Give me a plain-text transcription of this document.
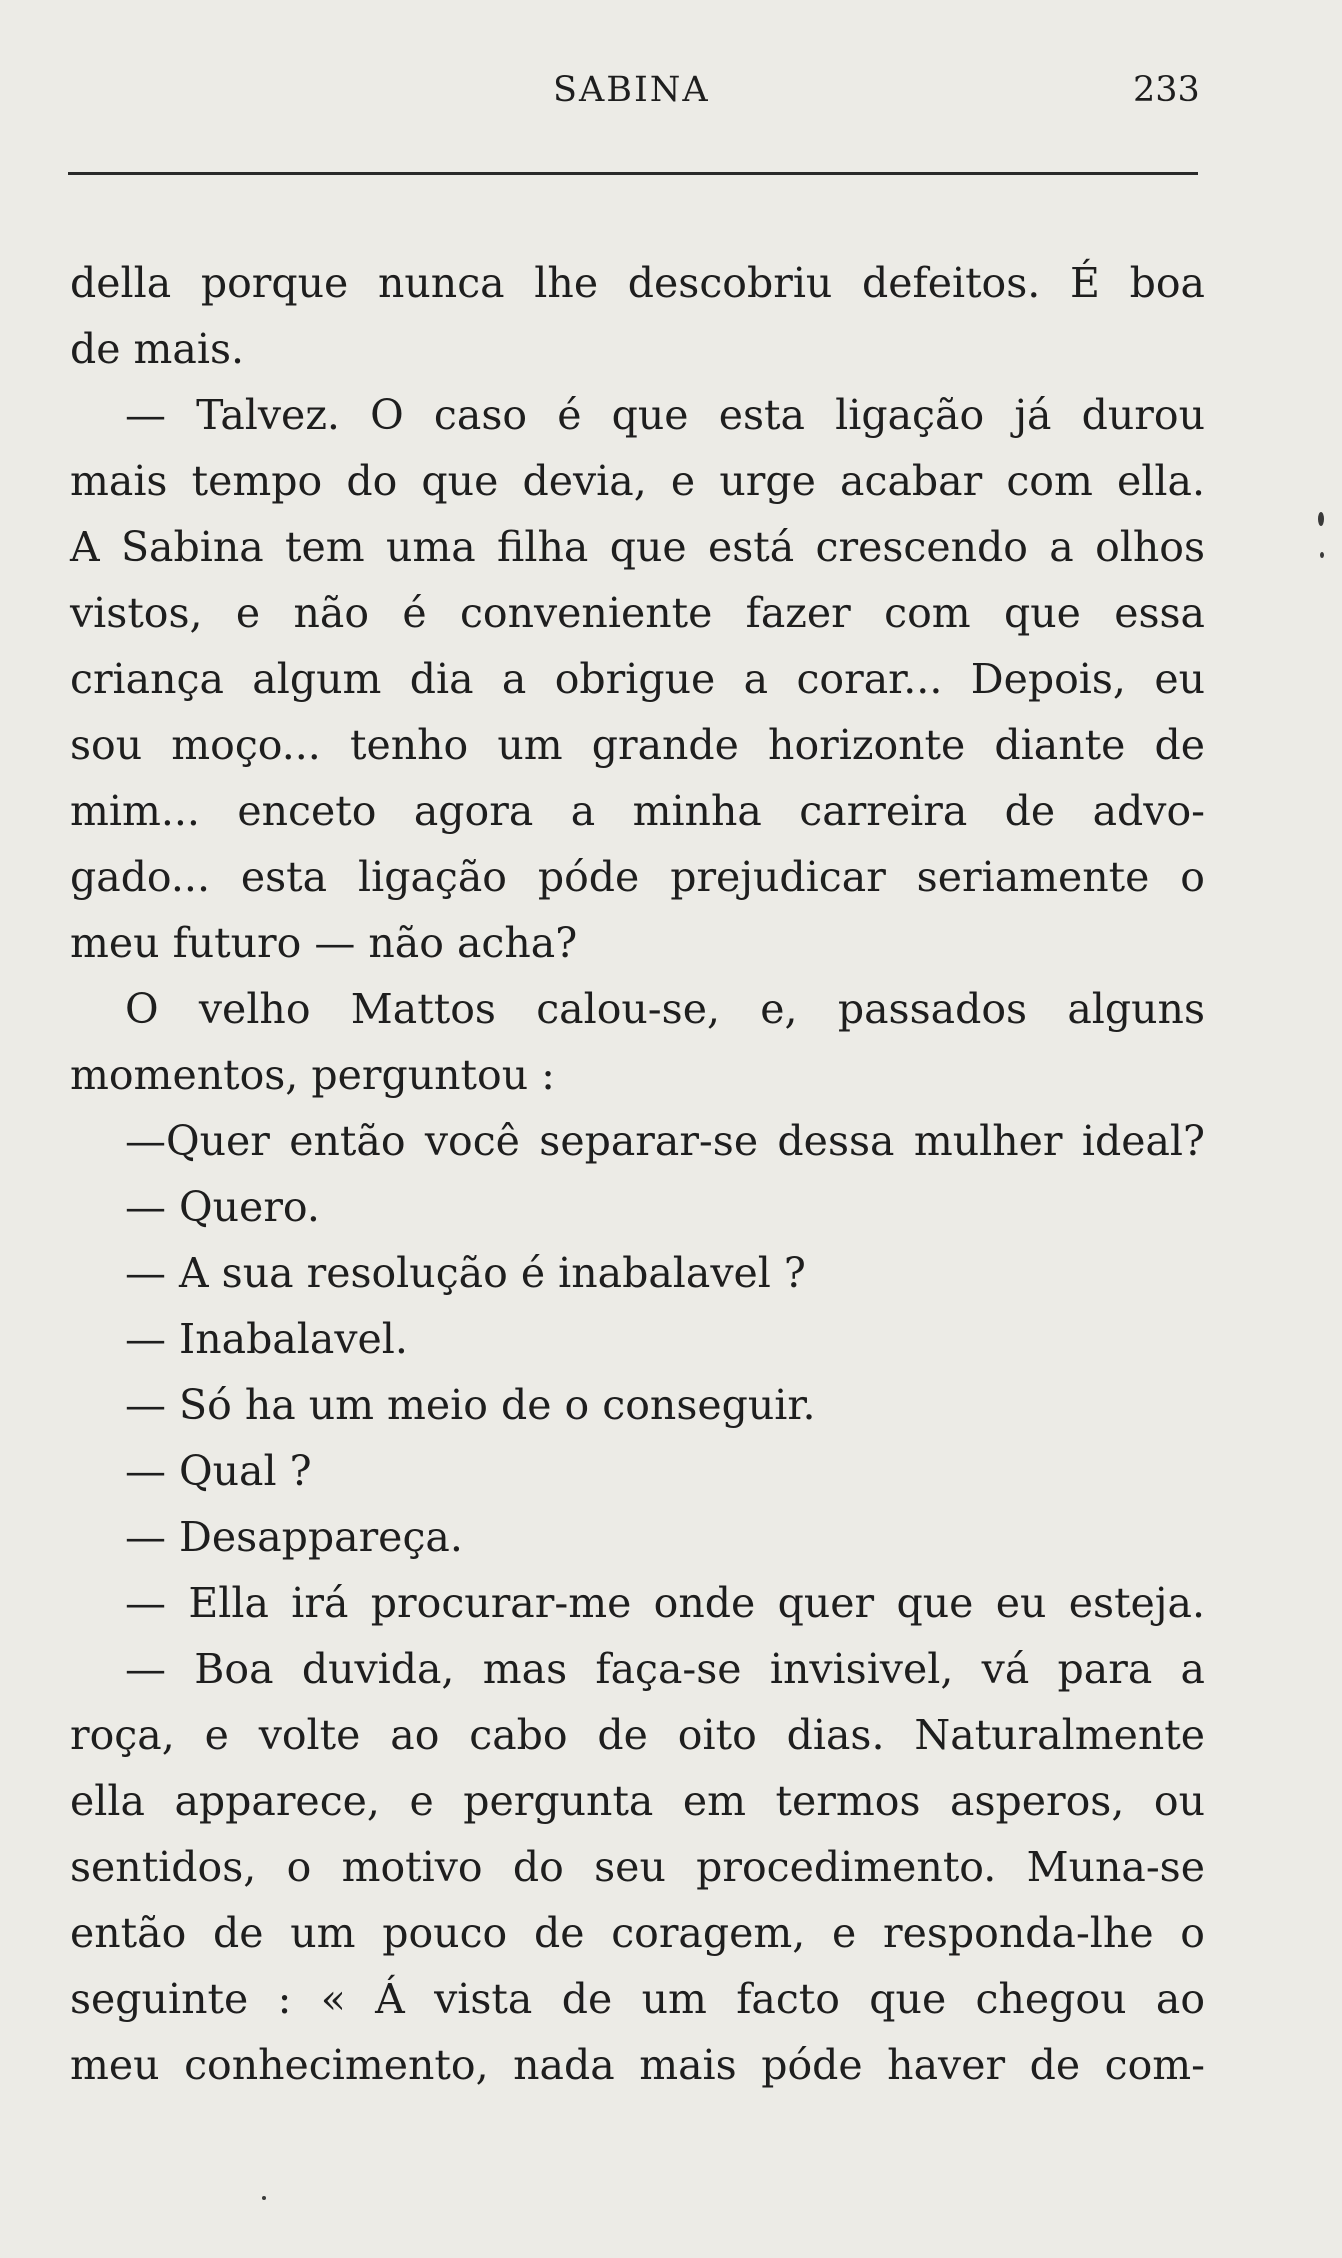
SABINA	233
della porque nunca lhe descobriu defeitos. É boa
de mais.
— Talvez. O caso é que esta ligação já durou
mais tempo do que devia, e urge acabar com ella.
A Sabina tem uma filha que está crescendo a olhos
vistos, e não é conveniente fazer com que essa
criança algum dia a obrigue a corar... Depois, eu
sou moço... tenho um grande horizonte diante de
mim... enceto agora a minha carreira de advo-
gado... esta ligação póde prejudicar seriamente o
meu futuro — não acha?
O velho Mattos calou-se, e, passados alguns
momentos, perguntou :
—Quer então você separar-se dessa mulher ideal?
— Quero.
— A sua resolução é inabalavel ?
— Inabalavel.
— Só ha um meio de o conseguir.
— Qual ?
— Desappareça.
— Ella irá procurar-me onde quer que eu esteja.
— Boa duvida, mas faça-se invisivel, vá para a
roça, e volte ao cabo de oito dias. Naturalmente
ella apparece, e pergunta em termos asperos, ou
sentidos, o motivo do seu procedimento. Muna-se
então de um pouco de coragem, e responda-lhe o
seguinte : « Á vista de um facto que chegou ao
meu conhecimento, nada mais póde haver de com-
